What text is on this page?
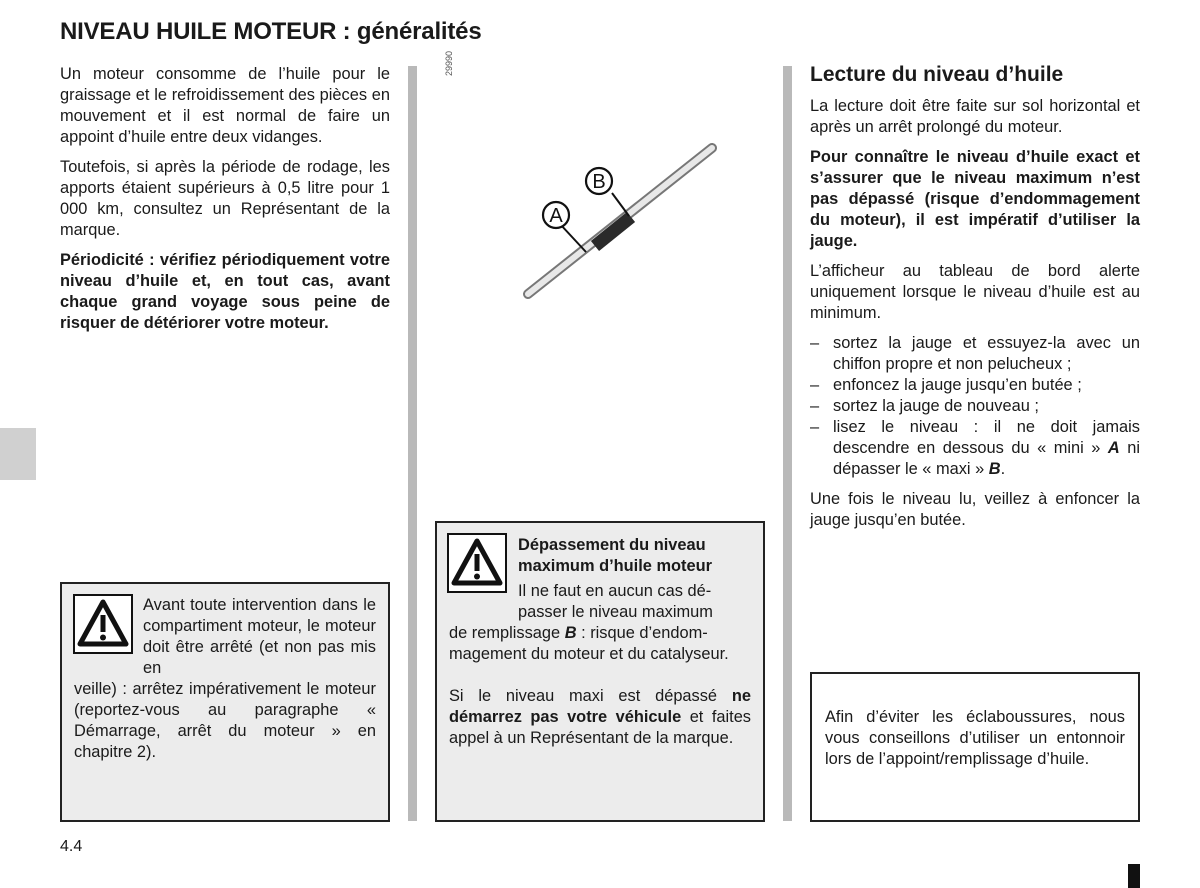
NIVEAU HUILE MOTEUR : généralités

Un moteur consomme de l’huile pour le graissage et le refroidissement des pièces en mouvement et il est normal de faire un appoint d’huile entre deux vidanges.

Toutefois, si après la période de rodage, les apports étaient supérieurs à 0,5 litre pour 1 000 km, consultez un Représentant de la marque.

Périodicité : vérifiez périodiquement votre niveau d’huile et, en tout cas, avant chaque grand voyage sous peine de risquer de détériorer votre moteur.

Avant toute intervention dans le compartiment moteur, le moteur doit être arrêté (et non pas mis en
veille) : arrêtez impérativement le moteur (reportez-vous au paragraphe « Démarrage, arrêt du moteur » en chapitre 2).
29990
A
B
Dépassement du niveau maximum d’huile moteur
Il ne faut en aucun cas dé-
passer le niveau maximum
de remplissage B : risque d’endom-
magement du moteur et du catalyseur.
Si le niveau maxi est dépassé ne démarrez pas votre véhicule et faites appel à un Représentant de la marque.
Lecture du niveau d’huile

La lecture doit être faite sur sol horizontal et après un arrêt prolongé du moteur.

Pour connaître le niveau d’huile exact et s’assurer que le niveau maximum n’est pas dépassé (risque d’endommagement du moteur), il est impératif d’utiliser la jauge.

L’afficheur au tableau de bord alerte uniquement lorsque le niveau d’huile est au minimum.

– sortez la jauge et essuyez-la avec un chiffon propre et non pelucheux ;
– enfoncez la jauge jusqu’en butée ;
– sortez la jauge de nouveau ;
– lisez le niveau : il ne doit jamais descendre en dessous du « mini » A ni dépasser le « maxi » B.

Une fois le niveau lu, veillez à enfoncer la jauge jusqu’en butée.

Afin d’éviter les éclaboussures, nous vous conseillons d’utiliser un entonnoir lors de l’appoint/remplissage d’huile.
4.4
